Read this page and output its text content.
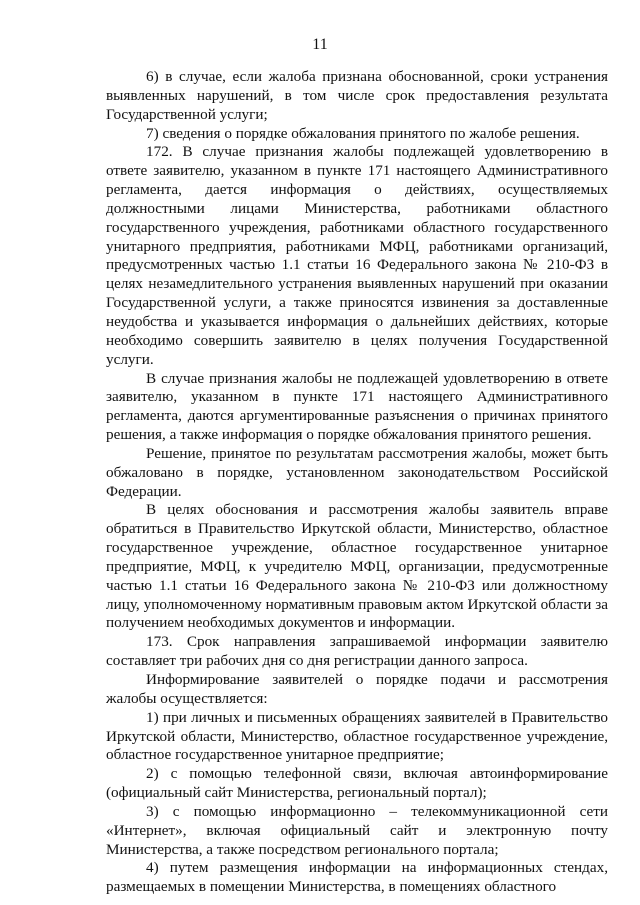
11

6) в случае, если жалоба признана обоснованной, сроки устранения выявленных нарушений, в том числе срок предоставления результата Государственной услуги;

7) сведения о порядке обжалования принятого по жалобе решения.

172. В случае признания жалобы подлежащей удовлетворению в ответе заявителю, указанном в пункте 171 настоящего Административного регламента, дается информация о действиях, осуществляемых должностными лицами Министерства, работниками областного государственного учреждения, работниками областного государственного унитарного предприятия, работниками МФЦ, работниками организаций, предусмотренных частью 1.1 статьи 16 Федерального закона № 210-ФЗ в целях незамедлительного устранения выявленных нарушений при оказании Государственной услуги, а также приносятся извинения за доставленные неудобства и указывается информация о дальнейших действиях, которые необходимо совершить заявителю в целях получения Государственной услуги.

В случае признания жалобы не подлежащей удовлетворению в ответе заявителю, указанном в пункте 171 настоящего Административного регламента, даются аргументированные разъяснения о причинах принятого решения, а также информация о порядке обжалования принятого решения.

Решение, принятое по результатам рассмотрения жалобы, может быть обжаловано в порядке, установленном законодательством Российской Федерации.

В целях обоснования и рассмотрения жалобы заявитель вправе обратиться в Правительство Иркутской области, Министерство, областное государственное учреждение, областное государственное унитарное предприятие, МФЦ, к учредителю МФЦ, организации, предусмотренные частью 1.1 статьи 16 Федерального закона № 210-ФЗ или должностному лицу, уполномоченному нормативным правовым актом Иркутской области за получением необходимых документов и информации.

173. Срок направления запрашиваемой информации заявителю составляет три рабочих дня со дня регистрации данного запроса.

Информирование заявителей о порядке подачи и рассмотрения жалобы осуществляется:

1) при личных и письменных обращениях заявителей в Правительство Иркутской области, Министерство, областное государственное учреждение, областное государственное унитарное предприятие;

2) с помощью телефонной связи, включая автоинформирование (официальный сайт Министерства, региональный портал);

3) с помощью информационно – телекоммуникационной сети «Интернет», включая официальный сайт и электронную почту Министерства, а также посредством регионального портала;

4) путем размещения информации на информационных стендах, размещаемых в помещении Министерства, в помещениях областного
